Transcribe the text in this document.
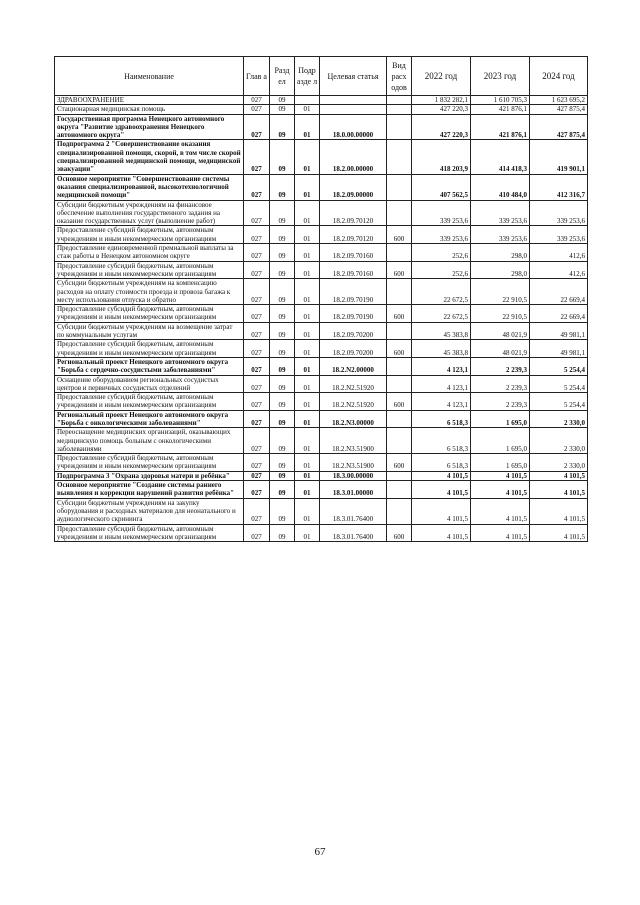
Наименование	Глав а	Разд ел	Подр азде л	Целевая статья	Вид расх одов	2022 год	2023 год	2024 год
ЗДРАВООХРАНЕНИЕ	027	09				1 832 282,1	1 610 705,3	1 623 695,2
Стационарная медицинская помощь	027	09	01			427 220,3	421 876,1	427 875,4
Государственная программа Ненецкого автономного округа "Развитие здравоохранения Ненецкого автономного округа"	027	09	01	18.0.00.00000		427 220,3	421 876,1	427 875,4
Подпрограмма 2 "Совершенствование оказания специализированной помощи, скорой, в том числе скорой специализированной медицинской помощи, медицинской эвакуации"	027	09	01	18.2.00.00000		418 203,9	414 418,3	419 901,1
Основное мероприятие "Совершенствование системы оказания специализированной, высокотехнологичной медицинской помощи"	027	09	01	18.2.09.00000		407 562,5	410 484,0	412 316,7
Субсидии бюджетным учреждениям на финансовое обеспечение выполнения государственного задания на оказание государственных услуг (выполнение работ)	027	09	01	18.2.09.70120		339 253,6	339 253,6	339 253,6
Предоставление субсидий бюджетным, автономным учреждениям и иным некоммерческим организациям	027	09	01	18.2.09.70120	600	339 253,6	339 253,6	339 253,6
Предоставление единовременной премиальной выплаты за стаж работы в Ненецком автономном округе	027	09	01	18.2.09.70160		252,6	298,0	412,6
Предоставление субсидий бюджетным, автономным учреждениям и иным некоммерческим организациям	027	09	01	18.2.09.70160	600	252,6	298,0	412,6
Субсидии бюджетным учреждениям на компенсацию расходов на оплату стоимости проезда и провоза багажа к месту использования отпуска и обратно	027	09	01	18.2.09.70190		22 672,5	22 910,5	22 669,4
Предоставление субсидий бюджетным, автономным учреждениям и иным некоммерческим организациям	027	09	01	18.2.09.70190	600	22 672,5	22 910,5	22 669,4
Субсидии бюджетным учреждениям на возмещение затрат по коммунальным услугам	027	09	01	18.2.09.70200		45 383,8	48 021,9	49 981,1
Предоставление субсидий бюджетным, автономным учреждениям и иным некоммерческим организациям	027	09	01	18.2.09.70200	600	45 383,8	48 021,9	49 981,1
Региональный проект Ненецкого автономного округа "Борьба с сердечно-сосудистыми заболеваниями"	027	09	01	18.2.N2.00000		4 123,1	2 239,3	5 254,4
Оснащение оборудованием региональных сосудистых центров и первичных сосудистых отделений	027	09	01	18.2.N2.51920		4 123,1	2 239,3	5 254,4
Предоставление субсидий бюджетным, автономным учреждениям и иным некоммерческим организациям	027	09	01	18.2.N2.51920	600	4 123,1	2 239,3	5 254,4
Региональный проект Ненецкого автономного округа "Борьба с онкологическими заболеваниями"	027	09	01	18.2.N3.00000		6 518,3	1 695,0	2 330,0
Переоснащение медицинских организаций, оказывающих медицинскую помощь больным с онкологическими заболеваниями	027	09	01	18.2.N3.51900		6 518,3	1 695,0	2 330,0
Предоставление субсидий бюджетным, автономным учреждениям и иным некоммерческим организациям	027	09	01	18.2.N3.51900	600	6 518,3	1 695,0	2 330,0
Подпрограмма 3 "Охрана здоровья матери и ребёнка"	027	09	01	18.3.00.00000		4 101,5	4 101,5	4 101,5
Основное мероприятие "Создание системы раннего выявления и коррекции нарушений развития ребёнка"	027	09	01	18.3.01.00000		4 101,5	4 101,5	4 101,5
Субсидии бюджетным учреждениям на закупку оборудования и расходных материалов для неонатального и аудиологического скрининга	027	09	01	18.3.01.76400		4 101,5	4 101,5	4 101,5
Предоставление субсидий бюджетным, автономным учреждениям и иным некоммерческим организациям	027	09	01	18.3.01.76400	600	4 101,5	4 101,5	4 101,5
67
